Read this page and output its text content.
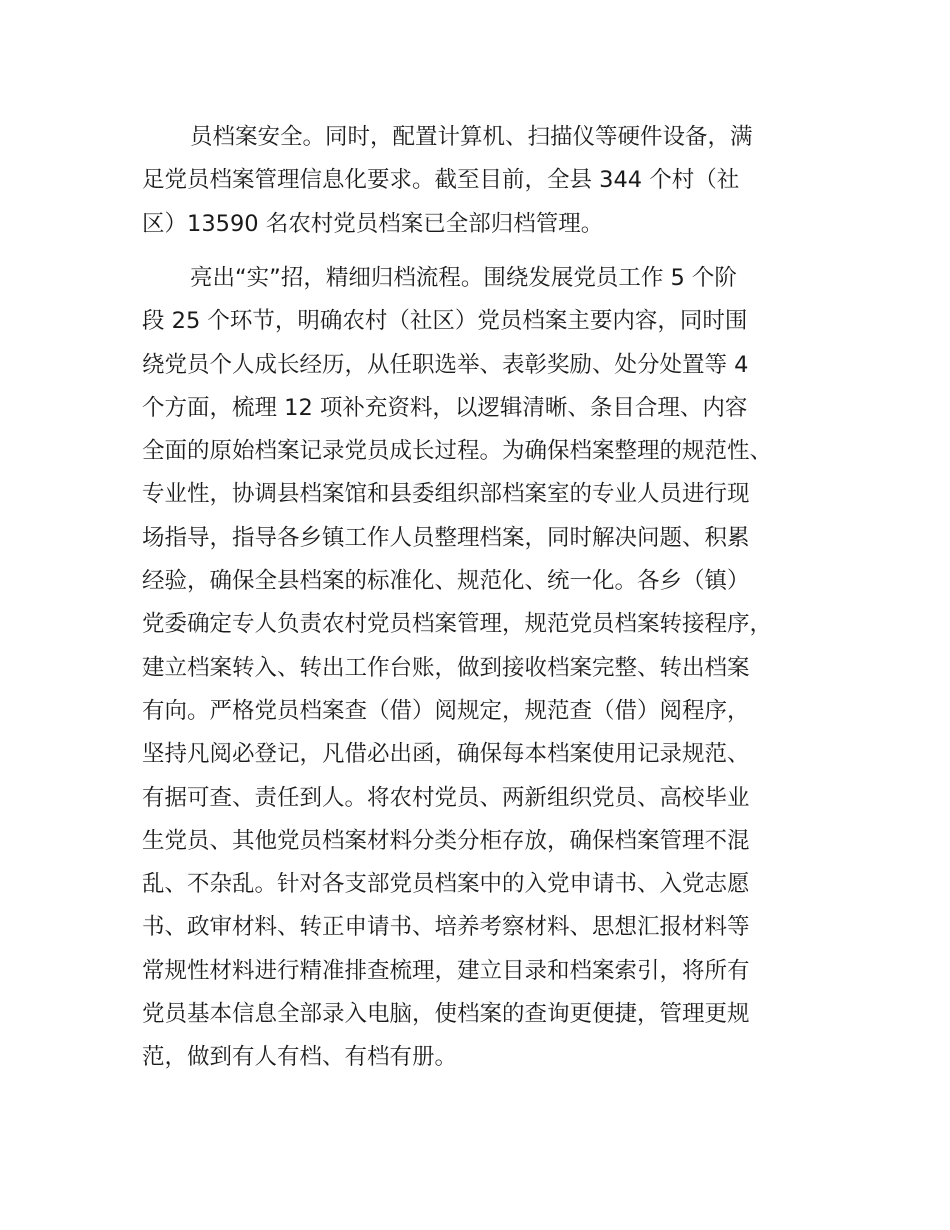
员档案安全。同时，配置计算机、扫描仪等硬件设备，满
足党员档案管理信息化要求。截至目前，全县 344 个村（社
区）13590 名农村党员档案已全部归档管理。
亮出“实”招，精细归档流程。围绕发展党员工作 5 个阶
段 25 个环节，明确农村（社区）党员档案主要内容，同时围
绕党员个人成长经历，从任职选举、表彰奖励、处分处置等 4
个方面，梳理 12 项补充资料，以逻辑清晰、条目合理、内容
全面的原始档案记录党员成长过程。为确保档案整理的规范性、
专业性，协调县档案馆和县委组织部档案室的专业人员进行现
场指导，指导各乡镇工作人员整理档案，同时解决问题、积累
经验，确保全县档案的标准化、规范化、统一化。各乡（镇）
党委确定专人负责农村党员档案管理，规范党员档案转接程序，
建立档案转入、转出工作台账，做到接收档案完整、转出档案
有向。严格党员档案查（借）阅规定，规范查（借）阅程序，
坚持凡阅必登记，凡借必出函，确保每本档案使用记录规范、
有据可查、责任到人。将农村党员、两新组织党员、高校毕业
生党员、其他党员档案材料分类分柜存放，确保档案管理不混
乱、不杂乱。针对各支部党员档案中的入党申请书、入党志愿
书、政审材料、转正申请书、培养考察材料、思想汇报材料等
常规性材料进行精准排查梳理，建立目录和档案索引，将所有
党员基本信息全部录入电脑，使档案的查询更便捷，管理更规
范，做到有人有档、有档有册。
